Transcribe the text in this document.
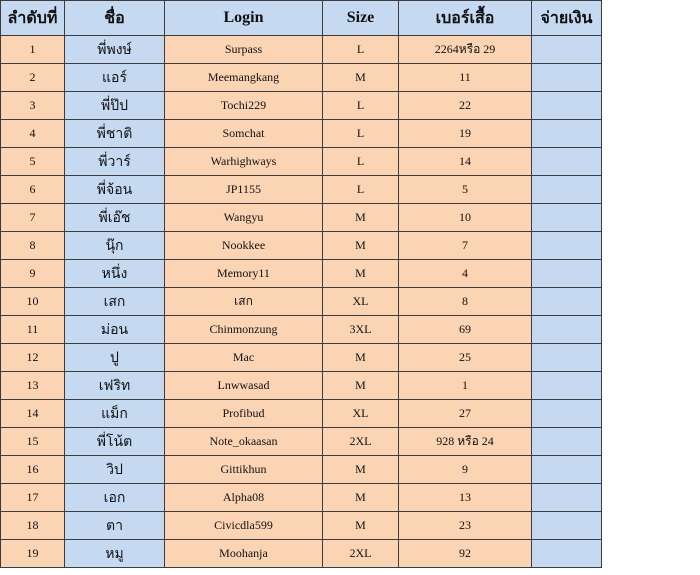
ลำดับที่	ชื่อ	Login	Size	เบอร์เสื้อ	จ่ายเงิน
1	พี่พงษ์	Surpass	L	2264หรือ 29	
2	แอร์	Meemangkang	M	11	
3	พี่ป๊ป	Tochi229	L	22	
4	พี่ชาติ	Somchat	L	19	
5	พี่วาร์	Warhighways	L	14	
6	พี่จ้อน	JP1155	L	5	
7	พี่เอ๊ช	Wangyu	M	10	
8	นุ๊ก	Nookkee	M	7	
9	หนึ่ง	Memory11	M	4	
10	เสก	เสก	XL	8	
11	ม่อน	Chinmonzung	3XL	69	
12	ปู	Mac	M	25	
13	เฟริท	Lnwwasad	M	1	
14	แม็ก	Profibud	XL	27	
15	พี่โน้ต	Note_okaasan	2XL	928 หรือ 24	
16	วิป	Gittikhun	M	9	
17	เอก	Alpha08	M	13	
18	ตา	Civicdla599	M	23	
19	หมู	Moohanja	2XL	92	
